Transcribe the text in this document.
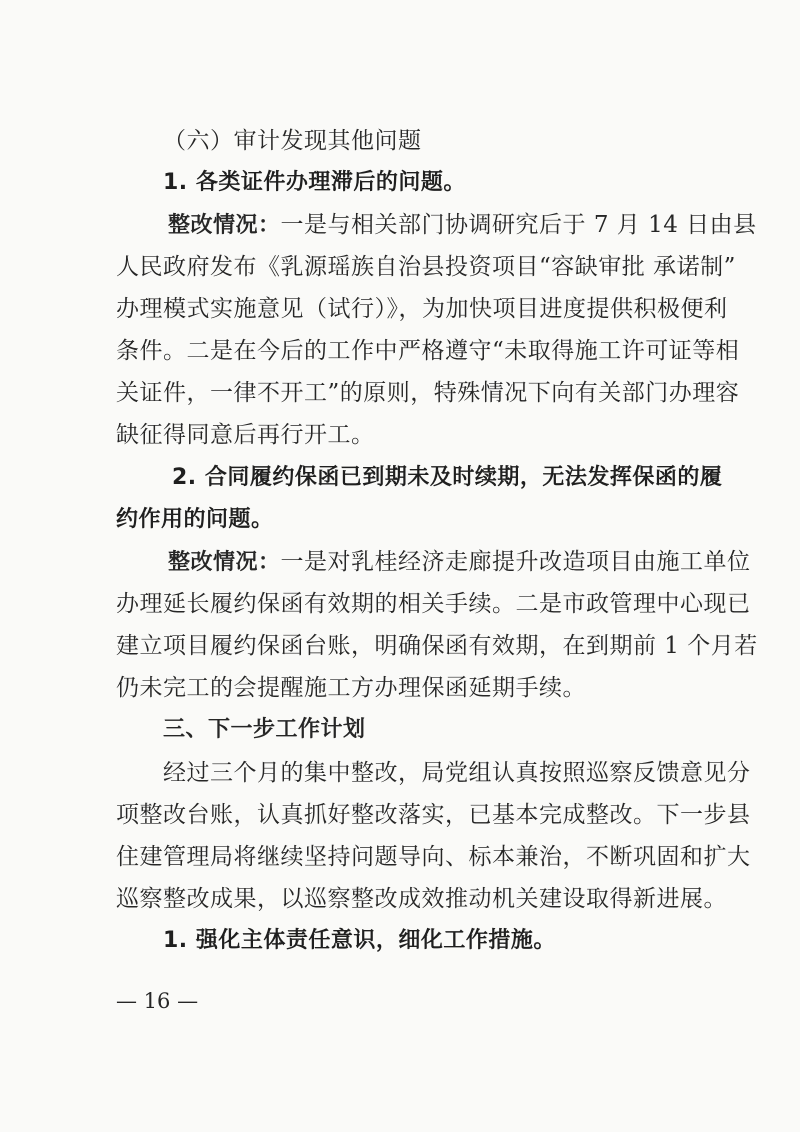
（六）审计发现其他问题
1. 各类证件办理滞后的问题。
整改情况：一是与相关部门协调研究后于 7 月 14 日由县
人民政府发布《乳源瑶族自治县投资项目“容缺审批 承诺制”
办理模式实施意见（试行）》，为加快项目进度提供积极便利
条件。二是在今后的工作中严格遵守“未取得施工许可证等相
关证件，一律不开工”的原则，特殊情况下向有关部门办理容
缺征得同意后再行开工。
2. 合同履约保函已到期未及时续期，无法发挥保函的履
约作用的问题。
整改情况：一是对乳桂经济走廊提升改造项目由施工单位
办理延长履约保函有效期的相关手续。二是市政管理中心现已
建立项目履约保函台账，明确保函有效期，在到期前 1 个月若
仍未完工的会提醒施工方办理保函延期手续。
三、下一步工作计划
经过三个月的集中整改，局党组认真按照巡察反馈意见分
项整改台账，认真抓好整改落实，已基本完成整改。下一步县
住建管理局将继续坚持问题导向、标本兼治，不断巩固和扩大
巡察整改成果，以巡察整改成效推动机关建设取得新进展。
1. 强化主体责任意识，细化工作措施。
— 16 —
